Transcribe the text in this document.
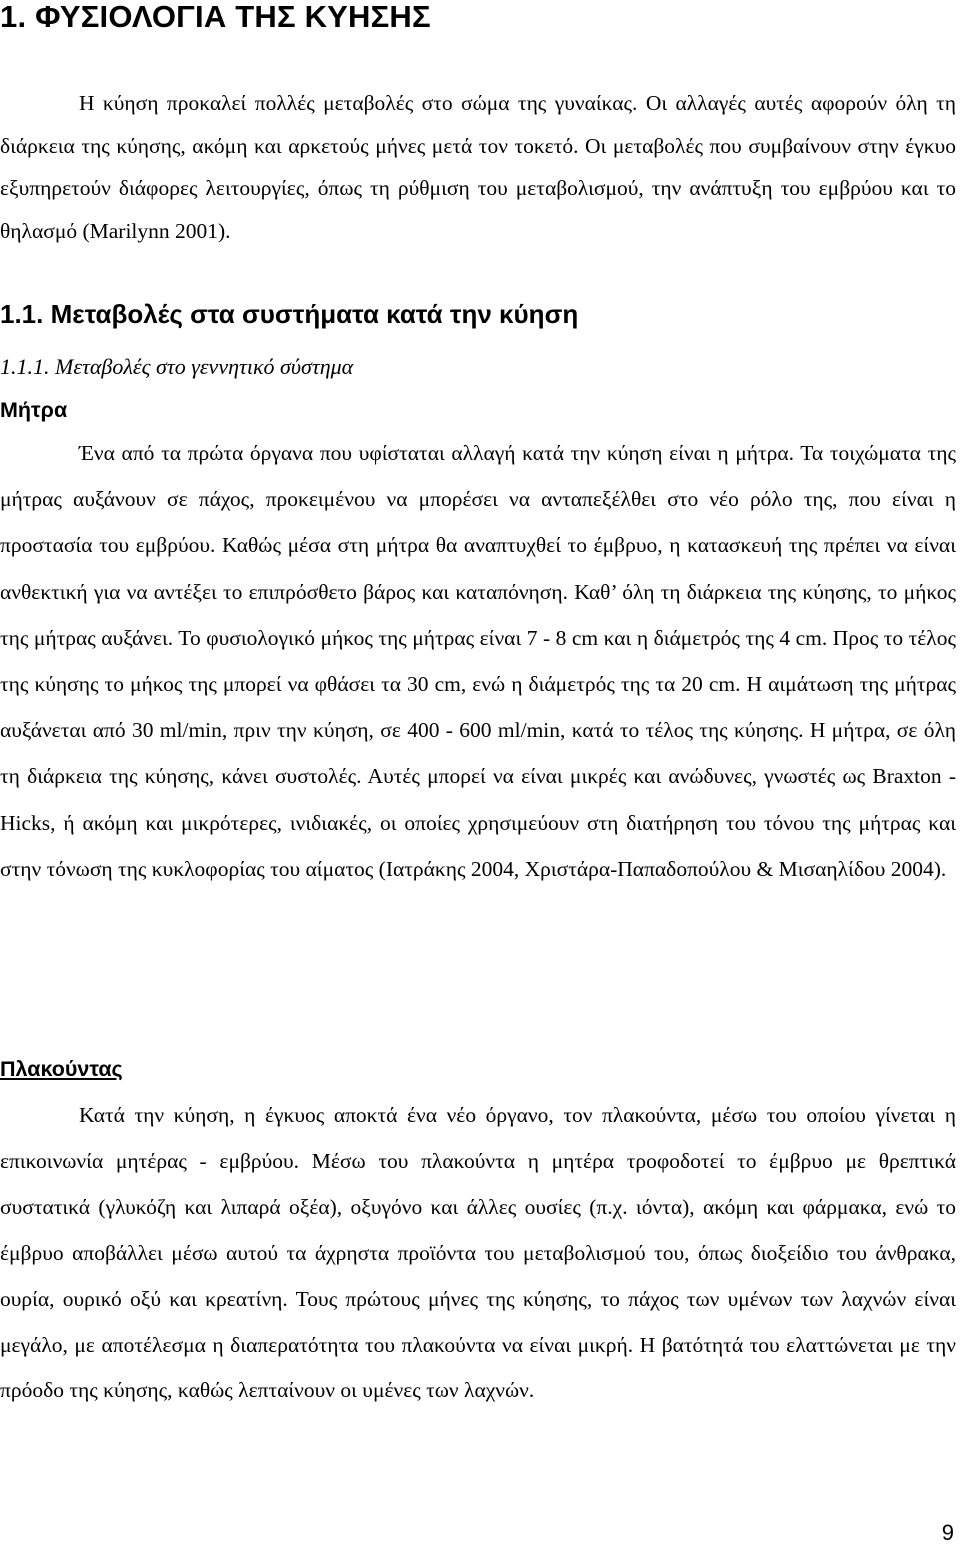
1. ΦΥΣΙΟΛΟΓΙΑ ΤΗΣ ΚΥΗΣΗΣ

Η κύηση προκαλεί πολλές μεταβολές στο σώμα της γυναίκας. Οι αλλαγές αυτές αφορούν όλη τη διάρκεια της κύησης, ακόμη και αρκετούς μήνες μετά τον τοκετό. Οι μεταβολές που συμβαίνουν στην έγκυο εξυπηρετούν διάφορες λειτουργίες, όπως τη ρύθμιση του μεταβολισμού, την ανάπτυξη του εμβρύου και το θηλασμό (Marilynn 2001).

1.1. Μεταβολές στα συστήματα κατά την κύηση
1.1.1. Μεταβολές στο γεννητικό σύστημα
Μήτρα

Ένα από τα πρώτα όργανα που υφίσταται αλλαγή κατά την κύηση είναι η μήτρα. Τα τοιχώματα της μήτρας αυξάνουν σε πάχος, προκειμένου να μπορέσει να ανταπεξέλθει στο νέο ρόλο της, που είναι η προστασία του εμβρύου. Καθώς μέσα στη μήτρα θα αναπτυχθεί το έμβρυο, η κατασκευή της πρέπει να είναι ανθεκτική για να αντέξει το επιπρόσθετο βάρος και καταπόνηση. Καθ’ όλη τη διάρκεια της κύησης, το μήκος της μήτρας αυξάνει. Το φυσιολογικό μήκος της μήτρας είναι 7 - 8 cm και η διάμετρός της 4 cm. Προς το τέλος της κύησης το μήκος της μπορεί να φθάσει τα 30 cm, ενώ η διάμετρός της τα 20 cm. Η αιμάτωση της μήτρας αυξάνεται από 30 ml/min, πριν την κύηση, σε 400 - 600 ml/min, κατά το τέλος της κύησης. Η μήτρα, σε όλη τη διάρκεια της κύησης, κάνει συστολές. Αυτές μπορεί να είναι μικρές και ανώδυνες, γνωστές ως Braxton - Hicks, ή ακόμη και μικρότερες, ινιδιακές, οι οποίες χρησιμεύουν στη διατήρηση του τόνου της μήτρας και στην τόνωση της κυκλοφορίας του αίματος (Ιατράκης 2004, Χριστάρα-Παπαδοπούλου & Μισαηλίδου 2004).

Πλακούντας

Κατά την κύηση, η έγκυος αποκτά ένα νέο όργανο, τον πλακούντα, μέσω του οποίου γίνεται η επικοινωνία μητέρας - εμβρύου. Μέσω του πλακούντα η μητέρα τροφοδοτεί το έμβρυο με θρεπτικά συστατικά (γλυκόζη και λιπαρά οξέα), οξυγόνο και άλλες ουσίες (π.χ. ιόντα), ακόμη και φάρμακα, ενώ το έμβρυο αποβάλλει μέσω αυτού τα άχρηστα προϊόντα του μεταβολισμού του, όπως διοξείδιο του άνθρακα, ουρία, ουρικό οξύ και κρεατίνη. Τους πρώτους μήνες της κύησης, το πάχος των υμένων των λαχνών είναι μεγάλο, με αποτέλεσμα η διαπερατότητα του πλακούντα να είναι μικρή. Η βατότητά του ελαττώνεται με την πρόοδο της κύησης, καθώς λεπταίνουν οι υμένες των λαχνών.

9
